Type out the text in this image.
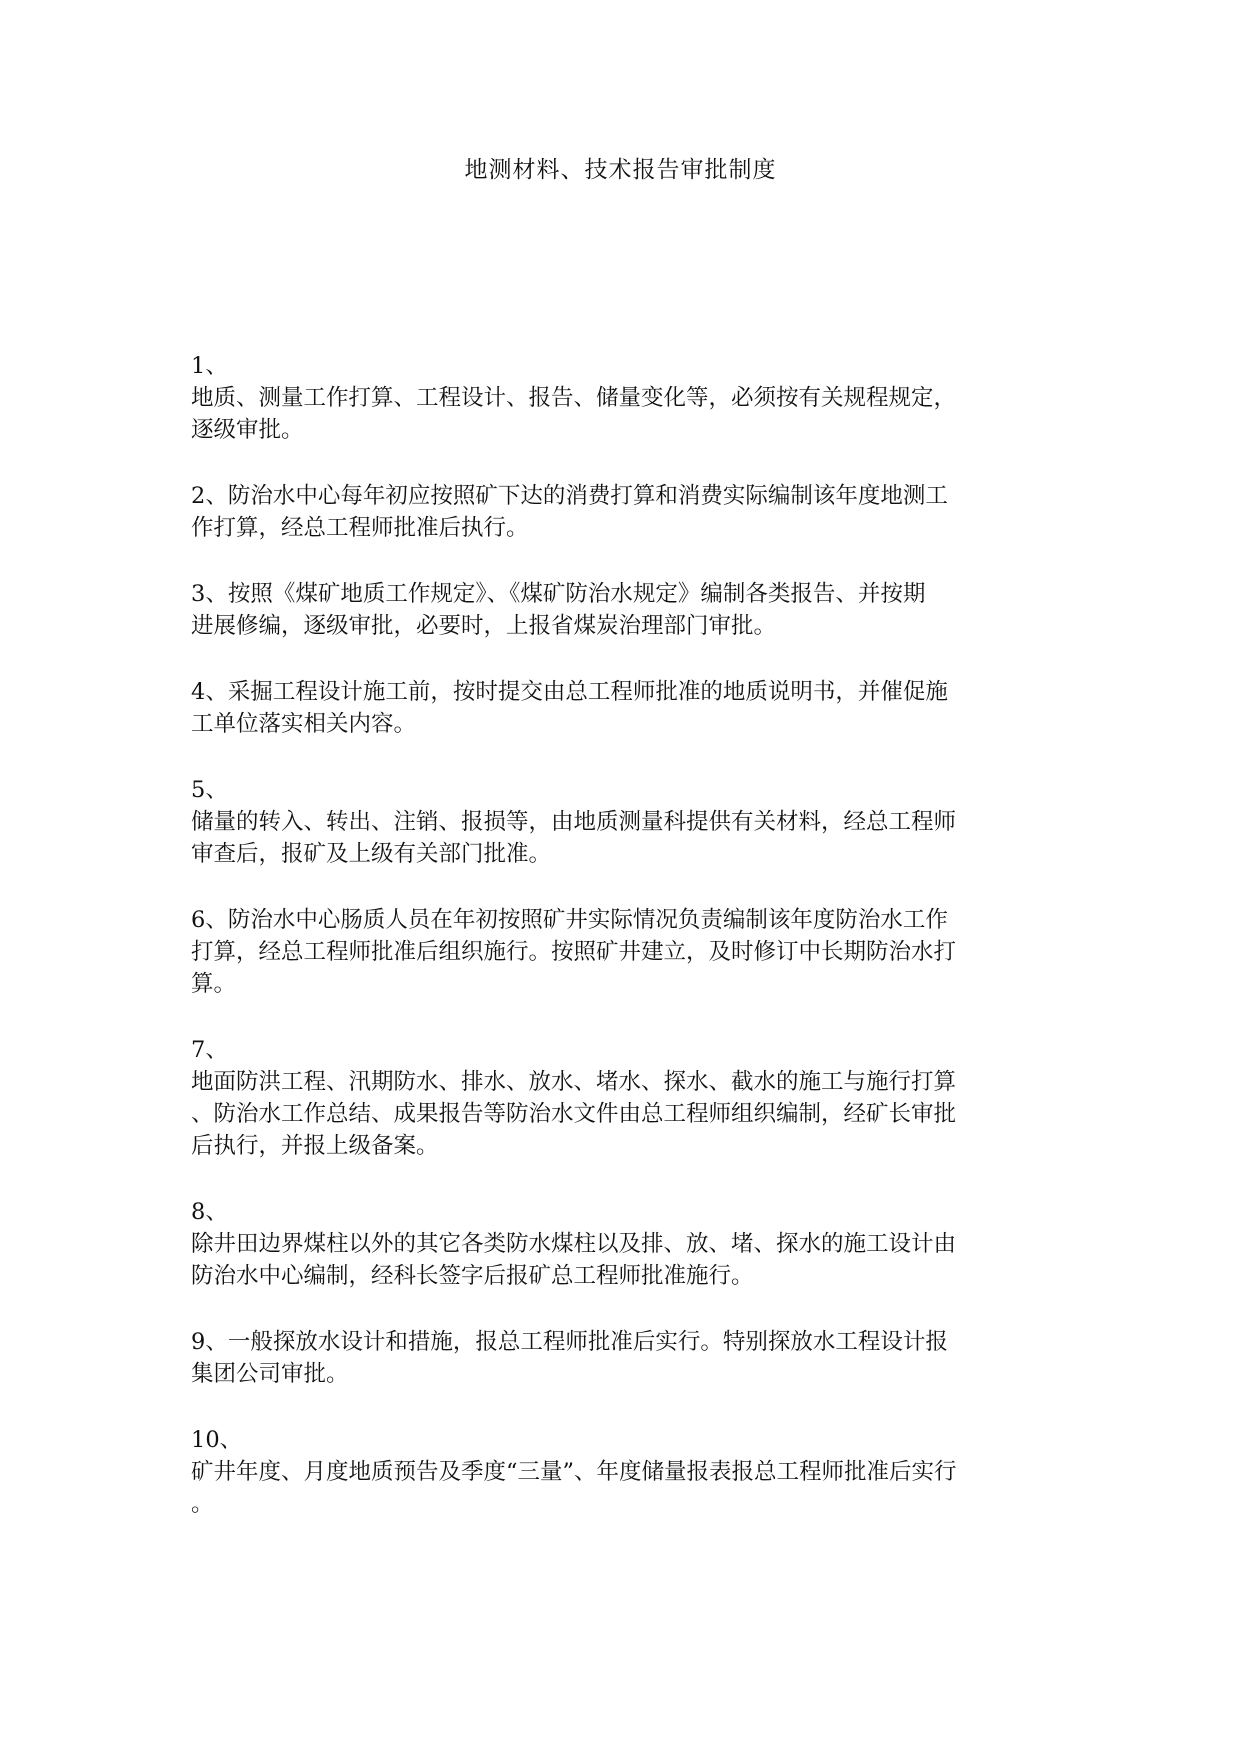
地测材料、技术报告审批制度

1、

地质、测量工作打算、工程设计、报告、储量变化等，必须按有关规程规定，

逐级审批。

2、防治水中心每年初应按照矿下达的消费打算和消费实际编制该年度地测工

作打算，经总工程师批准后执行。

3、按照《煤矿地质工作规定》、《煤矿防治水规定》编制各类报告、并按期

进展修编，逐级审批，必要时，上报省煤炭治理部门审批。

4、采掘工程设计施工前，按时提交由总工程师批准的地质说明书，并催促施

工单位落实相关内容。

5、

储量的转入、转出、注销、报损等，由地质测量科提供有关材料，经总工程师

审查后，报矿及上级有关部门批准。

6、防治水中心肠质人员在年初按照矿井实际情况负责编制该年度防治水工作

打算，经总工程师批准后组织施行。按照矿井建立，及时修订中长期防治水打

算。

7、

地面防洪工程、汛期防水、排水、放水、堵水、探水、截水的施工与施行打算

、防治水工作总结、成果报告等防治水文件由总工程师组织编制，经矿长审批

后执行，并报上级备案。

8、

除井田边界煤柱以外的其它各类防水煤柱以及排、放、堵、探水的施工设计由

防治水中心编制，经科长签字后报矿总工程师批准施行。

9、一般探放水设计和措施，报总工程师批准后实行。特别探放水工程设计报

集团公司审批。

10、

矿井年度、月度地质预告及季度“三量”、年度储量报表报总工程师批准后实行

。
